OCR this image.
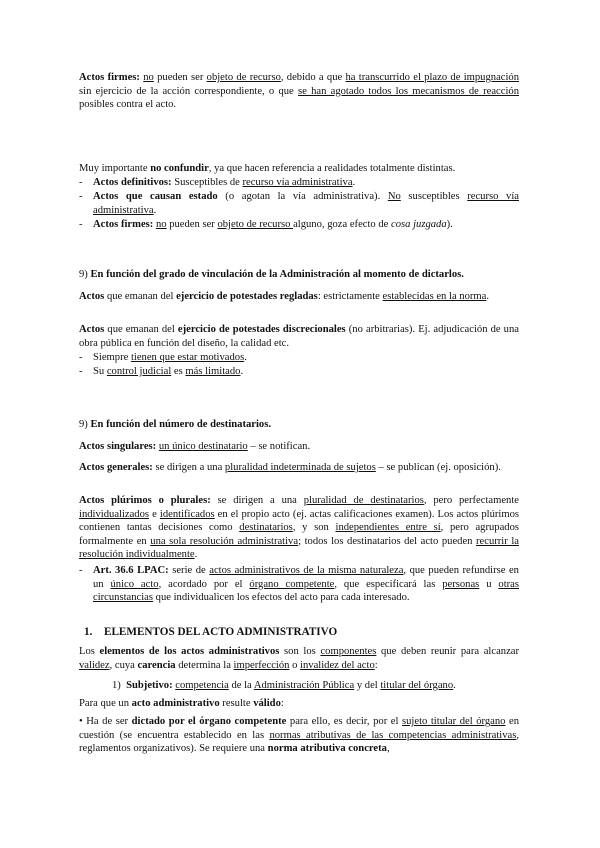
Actos firmes: no pueden ser objeto de recurso, debido a que ha transcurrido el plazo de impugnación sin ejercicio de la acción correspondiente, o que se han agotado todos los mecanismos de reacción posibles contra el acto.

Muy importante no confundir, ya que hacen referencia a realidades totalmente distintas.

- Actos definitivos: Susceptibles de recurso vía administrativa.
- Actos que causan estado (o agotan la vía administrativa). No susceptibles recurso vía administrativa.
- Actos firmes: no pueden ser objeto de recurso alguno, goza efecto de cosa juzgada).

9) En función del grado de vinculación de la Administración al momento de dictarlos.

Actos que emanan del ejercicio de potestades regladas: estrictamente establecidas en la norma.

Actos que emanan del ejercicio de potestades discrecionales (no arbitrarias). Ej. adjudicación de una obra pública en función del diseño, la calidad etc.

- Siempre tienen que estar motivados.
- Su control judicial es más limitado.

9) En función del número de destinatarios.

Actos singulares: un único destinatario – se notifican.

Actos generales: se dirigen a una pluralidad indeterminada de sujetos – se publican (ej. oposición).

Actos plúrimos o plurales: se dirigen a una pluralidad de destinatarios, pero perfectamente individualizados e identificados en el propio acto (ej. actas calificaciones examen). Los actos plúrimos contienen tantas decisiones como destinatarios, y son independientes entre sí, pero agrupados formalmente en una sola resolución administrativa; todos los destinatarios del acto pueden recurrir la resolución individualmente.

- Art. 36.6 LPAC: serie de actos administrativos de la misma naturaleza, que pueden refundirse en un único acto, acordado por el órgano competente, que especificará las personas u otras circunstancias que individualicen los efectos del acto para cada interesado.
1. ELEMENTOS DEL ACTO ADMINISTRATIVO

Los elementos de los actos administrativos son los componentes que deben reunir para alcanzar validez, cuya carencia determina la imperfección o invalidez del acto:

1) Subjetivo: competencia de la Administración Pública y del titular del órgano.

Para que un acto administrativo resulte válido:

• Ha de ser dictado por el órgano competente para ello, es decir, por el sujeto titular del órgano en cuestión (se encuentra establecido en las normas atributivas de las competencias administrativas, reglamentos organizativos). Se requiere una norma atributiva concreta,
